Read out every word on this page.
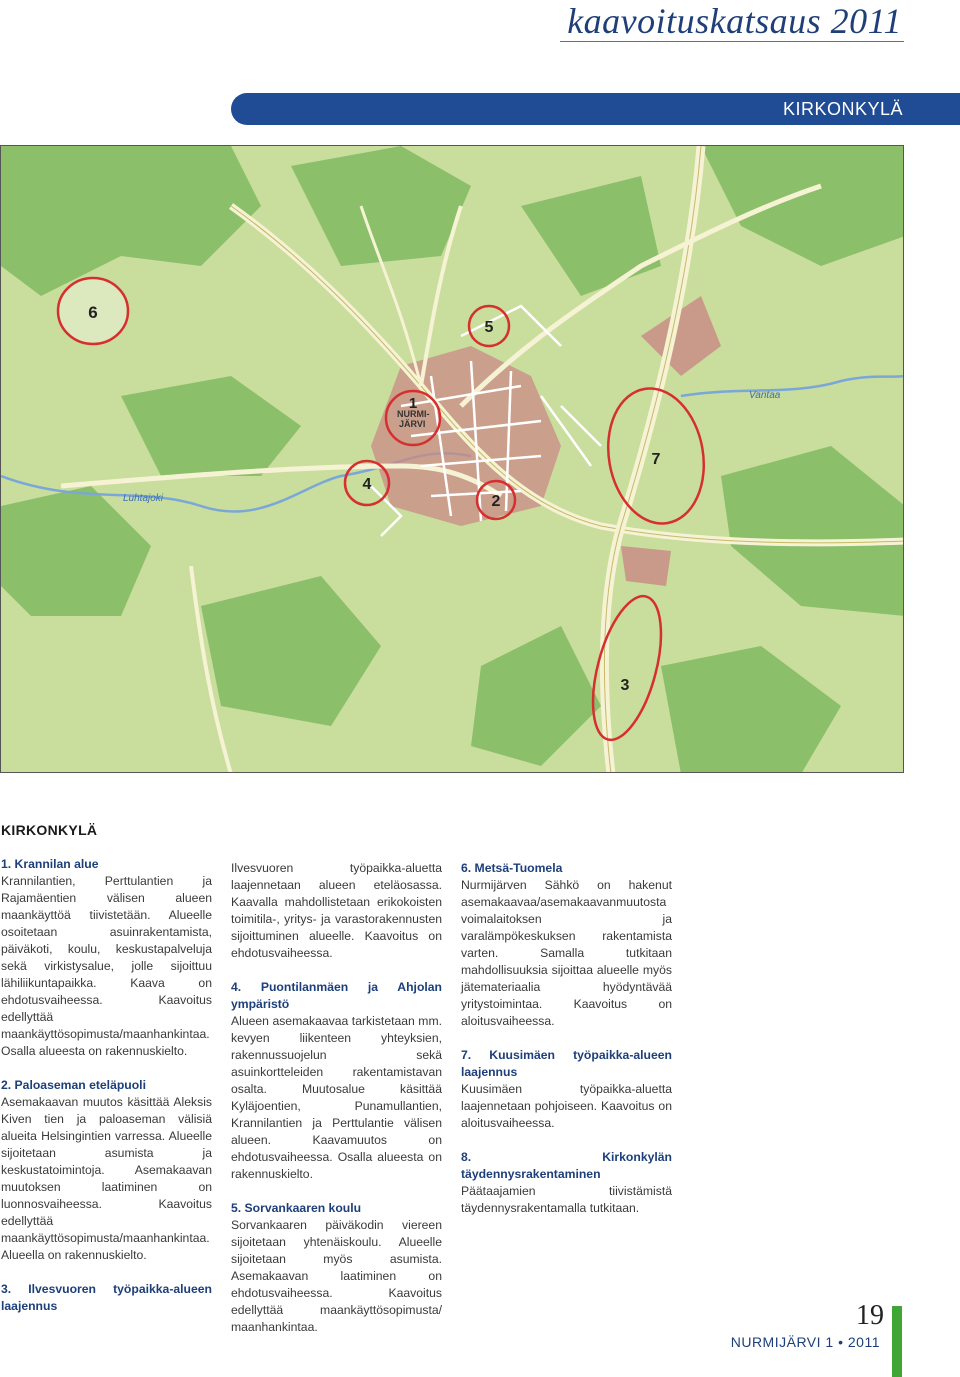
kaavoituskatsaus 2011
KIRKONKYLÄ
Luhtajoki
Vantaa
NURMI-
JÄRVI
6
5
1
4
2
7
3
KIRKONKYLÄ
1. Krannilan alue
Krannilantien, Perttulantien ja Rajamäentien välisen alueen maankäyttöä tiivistetään. Alueelle osoitetaan asuinrakentamista, päiväkoti, koulu, keskustapalveluja sekä virkistysalue, jolle sijoittuu lähiliikuntapaikka. Kaava on ehdotusvaiheessa. Kaavoitus edellyttää maankäyttösopimusta/maanhankintaa. Osalla alueesta on rakennuskielto.
2. Paloaseman eteläpuoli
Asemakaavan muutos käsittää Aleksis Kiven tien ja paloaseman välisiä alueita Helsingintien varressa. Alueelle sijoitetaan asumista ja keskustatoimintoja. Asemakaavan muutoksen laatiminen on luonnosvaiheessa. Kaavoitus edellyttää maankäyttösopimusta/maanhankintaa. Alueella on rakennuskielto.
3. Ilvesvuoren työpaikka-alueen laajennus
Ilvesvuoren työpaikka-aluetta laajennetaan alueen eteläosassa. Kaavalla mahdollistetaan erikokoisten toimitila-, yritys- ja varastorakennusten sijoittuminen alueelle. Kaavoitus on ehdotusvaiheessa.
4. Puontilanmäen ja Ahjolan ympäristö
Alueen asemakaavaa tarkistetaan mm. kevyen liikenteen yhteyksien, rakennussuojelun sekä asuinkortteleiden rakentamistavan osalta. Muutosalue käsittää Kyläjoentien, Punamullantien, Krannilantien ja Perttulantie välisen alueen. Kaavamuutos on ehdotusvaiheessa. Osalla alueesta on rakennuskielto.
5. Sorvankaaren koulu
Sorvankaaren päiväkodin viereen sijoitetaan yhtenäiskoulu. Alueelle sijoitetaan myös asumista. Asemakaavan laatiminen on ehdotusvaiheessa. Kaavoitus edellyttää maankäyttösopimusta/ maanhankintaa.
6. Metsä-Tuomela
Nurmijärven Sähkö on hakenut asemakaavaa/asemakaavanmuutosta voimalaitoksen ja varalämpökeskuksen rakentamista varten. Samalla tutkitaan mahdollisuuksia sijoittaa alueelle myös jätemateriaalia hyödyntävää yritystoimintaa. Kaavoitus on aloitusvaiheessa.
7. Kuusimäen työpaikka-alueen laajennus
Kuusimäen työpaikka-aluetta laajennetaan pohjoiseen. Kaavoitus on aloitusvaiheessa.
8. Kirkonkylän täydennysrakentaminen
Päätaajamien tiivistämistä täydennysrakentamalla tutkitaan.
19
NURMIJÄRVI 1 • 2011
